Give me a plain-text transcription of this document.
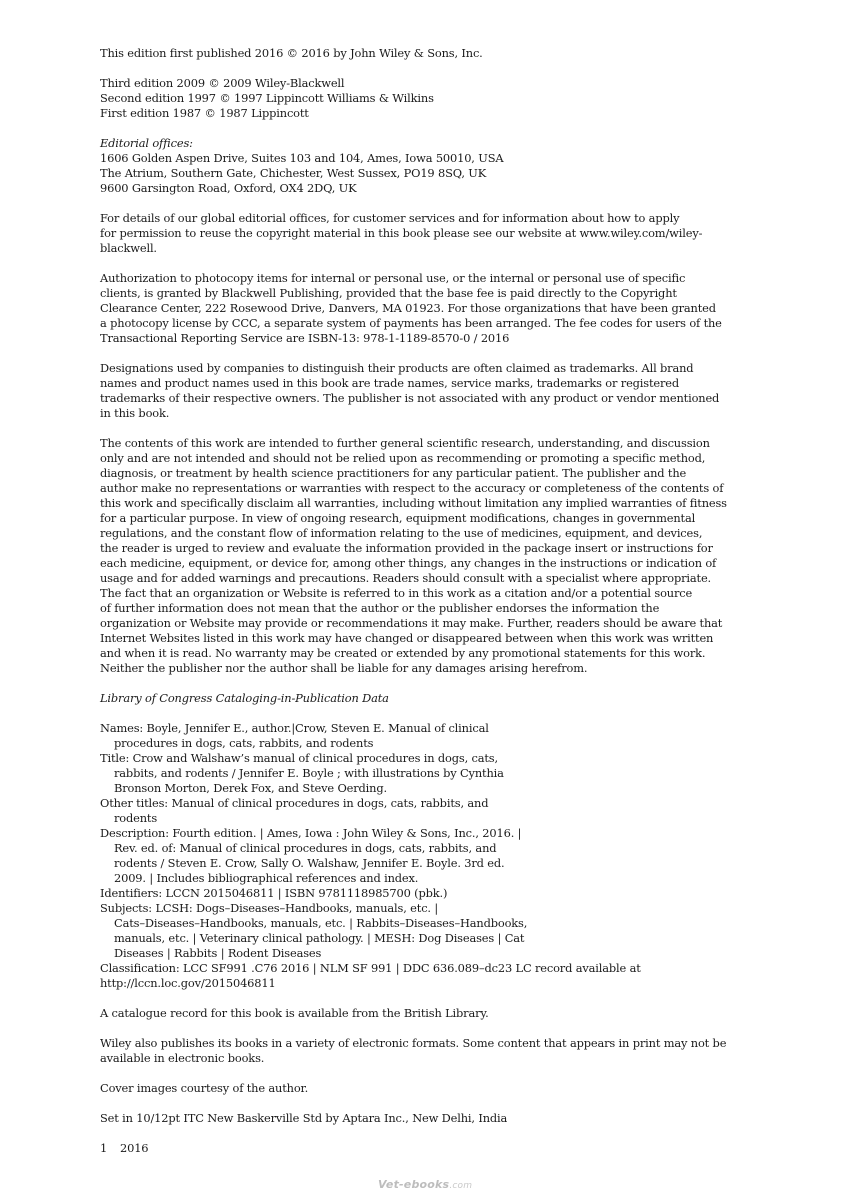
This edition first published 2016 © 2016 by John Wiley & Sons, Inc.

Third edition 2009 © 2009 Wiley-Blackwell
Second edition 1997 © 1997 Lippincott Williams & Wilkins
First edition 1987 © 1987 Lippincott

Editorial offices:
1606 Golden Aspen Drive, Suites 103 and 104, Ames, Iowa 50010, USA
The Atrium, Southern Gate, Chichester, West Sussex, PO19 8SQ, UK
9600 Garsington Road, Oxford, OX4 2DQ, UK

For details of our global editorial offices, for customer services and for information about how to apply
for permission to reuse the copyright material in this book please see our website at www.wiley.com/wiley-
blackwell.

Authorization to photocopy items for internal or personal use, or the internal or personal use of specific
clients, is granted by Blackwell Publishing, provided that the base fee is paid directly to the Copyright
Clearance Center, 222 Rosewood Drive, Danvers, MA 01923. For those organizations that have been granted
a photocopy license by CCC, a separate system of payments has been arranged. The fee codes for users of the
Transactional Reporting Service are ISBN-13: 978-1-1189-8570-0 / 2016

Designations used by companies to distinguish their products are often claimed as trademarks. All brand
names and product names used in this book are trade names, service marks, trademarks or registered
trademarks of their respective owners. The publisher is not associated with any product or vendor mentioned
in this book.

The contents of this work are intended to further general scientific research, understanding, and discussion
only and are not intended and should not be relied upon as recommending or promoting a specific method,
diagnosis, or treatment by health science practitioners for any particular patient. The publisher and the
author make no representations or warranties with respect to the accuracy or completeness of the contents of
this work and specifically disclaim all warranties, including without limitation any implied warranties of fitness
for a particular purpose. In view of ongoing research, equipment modifications, changes in governmental
regulations, and the constant flow of information relating to the use of medicines, equipment, and devices,
the reader is urged to review and evaluate the information provided in the package insert or instructions for
each medicine, equipment, or device for, among other things, any changes in the instructions or indication of
usage and for added warnings and precautions. Readers should consult with a specialist where appropriate.
The fact that an organization or Website is referred to in this work as a citation and/or a potential source
of further information does not mean that the author or the publisher endorses the information the
organization or Website may provide or recommendations it may make. Further, readers should be aware that
Internet Websites listed in this work may have changed or disappeared between when this work was written
and when it is read. No warranty may be created or extended by any promotional statements for this work.
Neither the publisher nor the author shall be liable for any damages arising herefrom.

Library of Congress Cataloging-in-Publication Data

Names: Boyle, Jennifer E., author.|Crow, Steven E. Manual of clinical
procedures in dogs, cats, rabbits, and rodents
Title: Crow and Walshaw’s manual of clinical procedures in dogs, cats,
rabbits, and rodents / Jennifer E. Boyle ; with illustrations by Cynthia
Bronson Morton, Derek Fox, and Steve Oerding.
Other titles: Manual of clinical procedures in dogs, cats, rabbits, and
rodents
Description: Fourth edition. | Ames, Iowa : John Wiley & Sons, Inc., 2016. |
Rev. ed. of: Manual of clinical procedures in dogs, cats, rabbits, and
rodents / Steven E. Crow, Sally O. Walshaw, Jennifer E. Boyle. 3rd ed.
2009. | Includes bibliographical references and index.
Identifiers: LCCN 2015046811 | ISBN 9781118985700 (pbk.)
Subjects: LCSH: Dogs–Diseases–Handbooks, manuals, etc. |
Cats–Diseases–Handbooks, manuals, etc. | Rabbits–Diseases–Handbooks,
manuals, etc. | Veterinary clinical pathology. | MESH: Dog Diseases | Cat
Diseases | Rabbits | Rodent Diseases
Classification: LCC SF991 .C76 2016 | NLM SF 991 | DDC 636.089–dc23 LC record available at
http://lccn.loc.gov/2015046811

A catalogue record for this book is available from the British Library.

Wiley also publishes its books in a variety of electronic formats. Some content that appears in print may not be
available in electronic books.

Cover images courtesy of the author.

Set in 10/12pt ITC New Baskerville Std by Aptara Inc., New Delhi, India

1 2016

Vet-ebooks.com
